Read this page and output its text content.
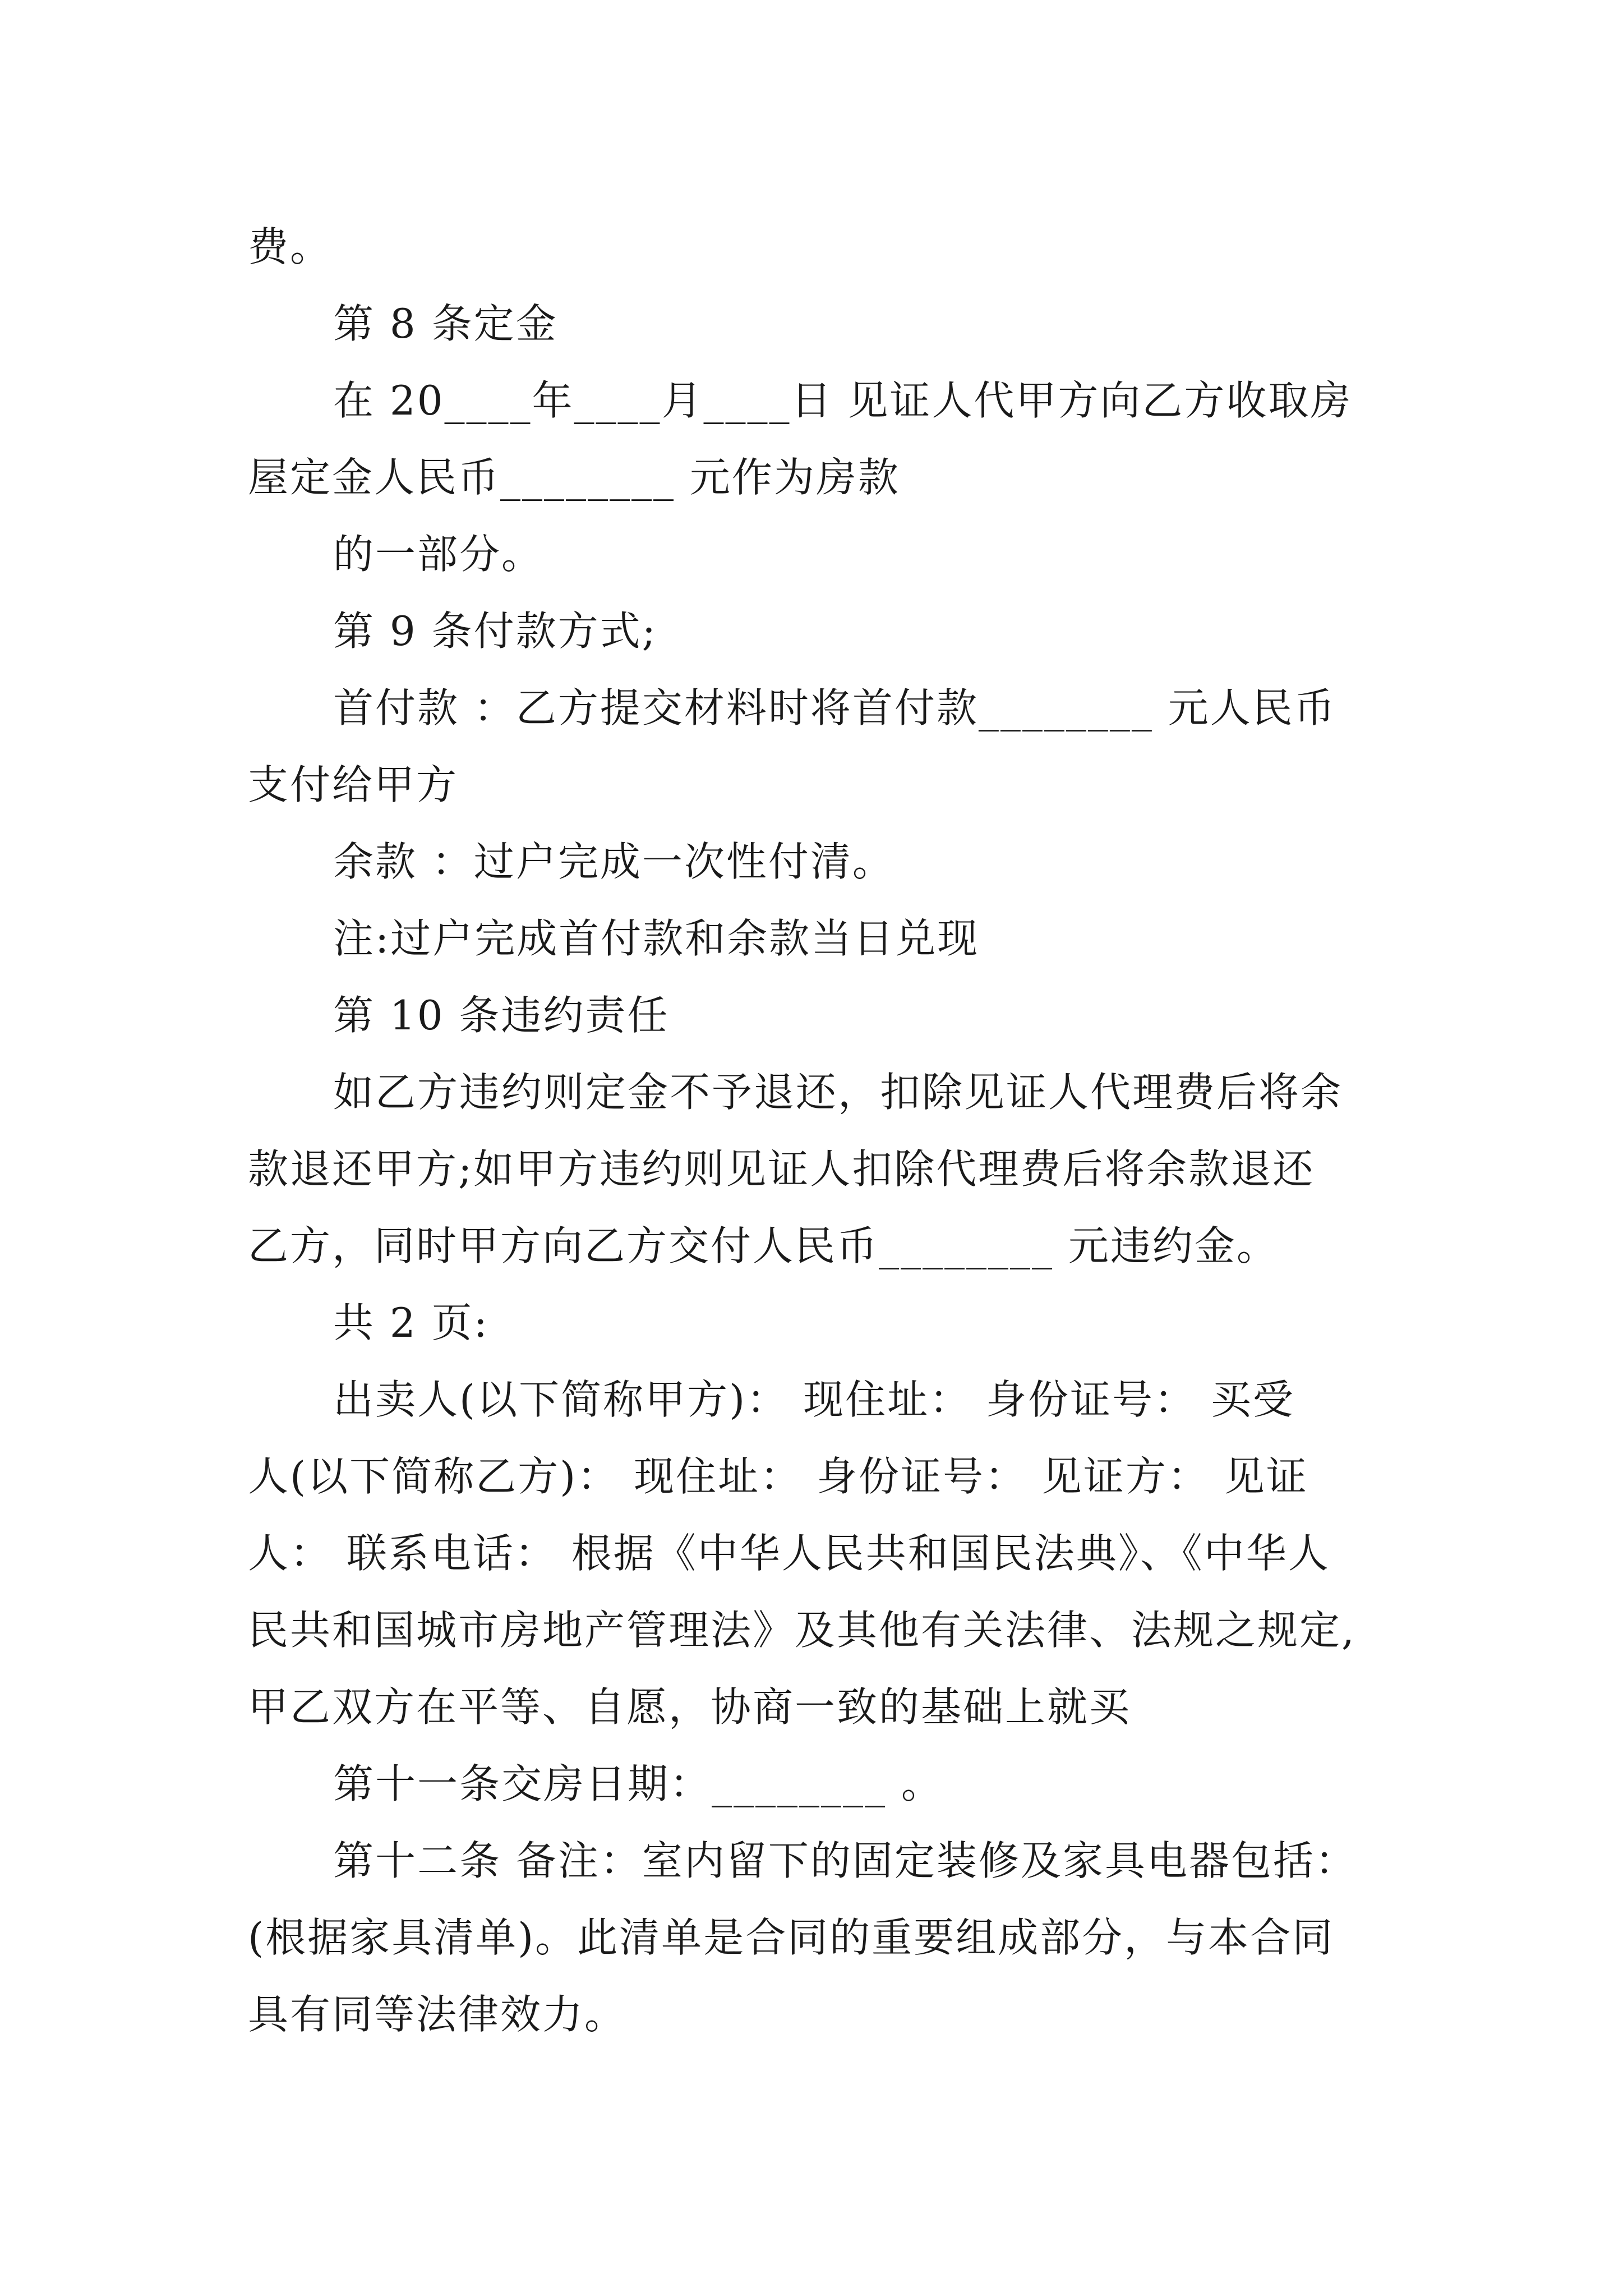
费。

第 8 条定金

在 20____年____月____日 见证人代甲方向乙方收取房

屋定金人民币________ 元作为房款

的一部分。

第 9 条付款方式;

首付款 ：乙方提交材料时将首付款________ 元人民币

支付给甲方

余款 ：过户完成一次性付清。

注:过户完成首付款和余款当日兑现

第 10 条违约责任

如乙方违约则定金不予退还，扣除见证人代理费后将余

款退还甲方;如甲方违约则见证人扣除代理费后将余款退还

乙方，同时甲方向乙方交付人民币________ 元违约金。

共 2 页:

出卖人(以下简称甲方)： 现住址： 身份证号： 买受

人(以下简称乙方)： 现住址： 身份证号： 见证方： 见证

人： 联系电话： 根据《中华人民共和国民法典》、《中华人

民共和国城市房地产管理法》及其他有关法律、法规之规定,

甲乙双方在平等、自愿，协商一致的基础上就买

第十一条交房日期：________ 。

第十二条 备注：室内留下的固定装修及家具电器包括：

(根据家具清单)。此清单是合同的重要组成部分，与本合同

具有同等法律效力。
